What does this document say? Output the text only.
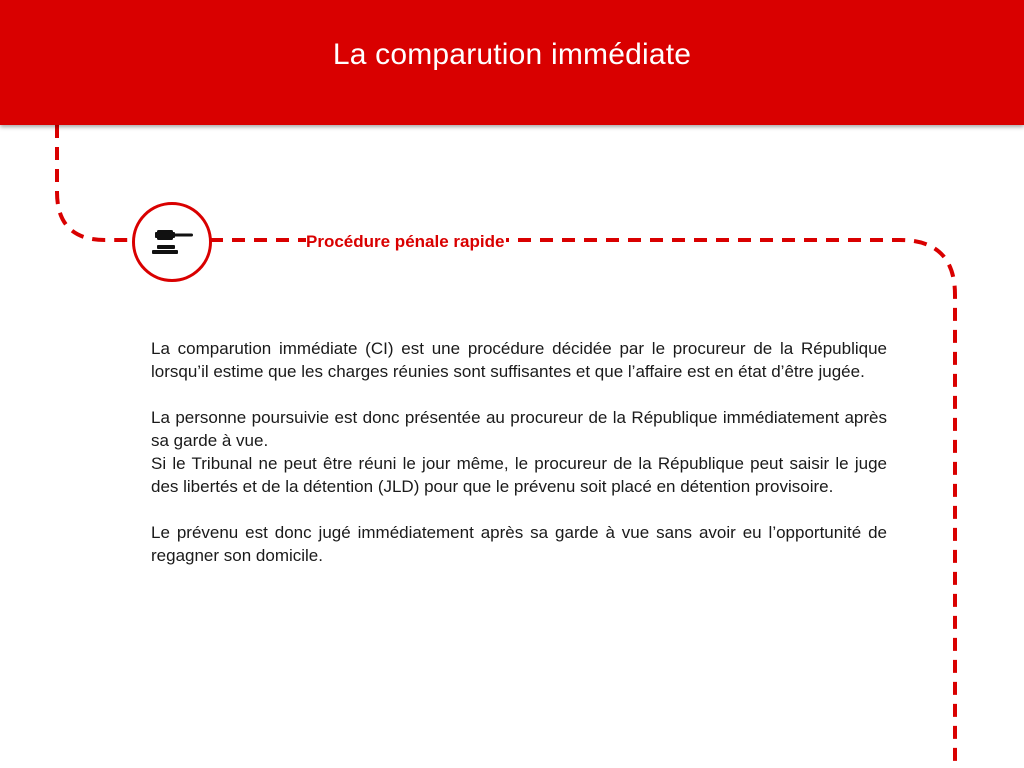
La comparution immédiate
Procédure pénale rapide

La comparution immédiate (CI) est une procédure décidée par le procureur de la République lorsqu’il estime que les charges réunies sont suffisantes et que l’affaire est en état d’être jugée.

La personne poursuivie est donc présentée au procureur de la République immédiatement après sa garde à vue.
Si le Tribunal ne peut être réuni le jour même, le procureur de la République peut saisir le juge des libertés et de la détention (JLD) pour que le prévenu soit placé en détention provisoire.

Le prévenu est donc jugé immédiatement après sa garde à vue sans avoir eu l’opportunité de regagner son domicile.
